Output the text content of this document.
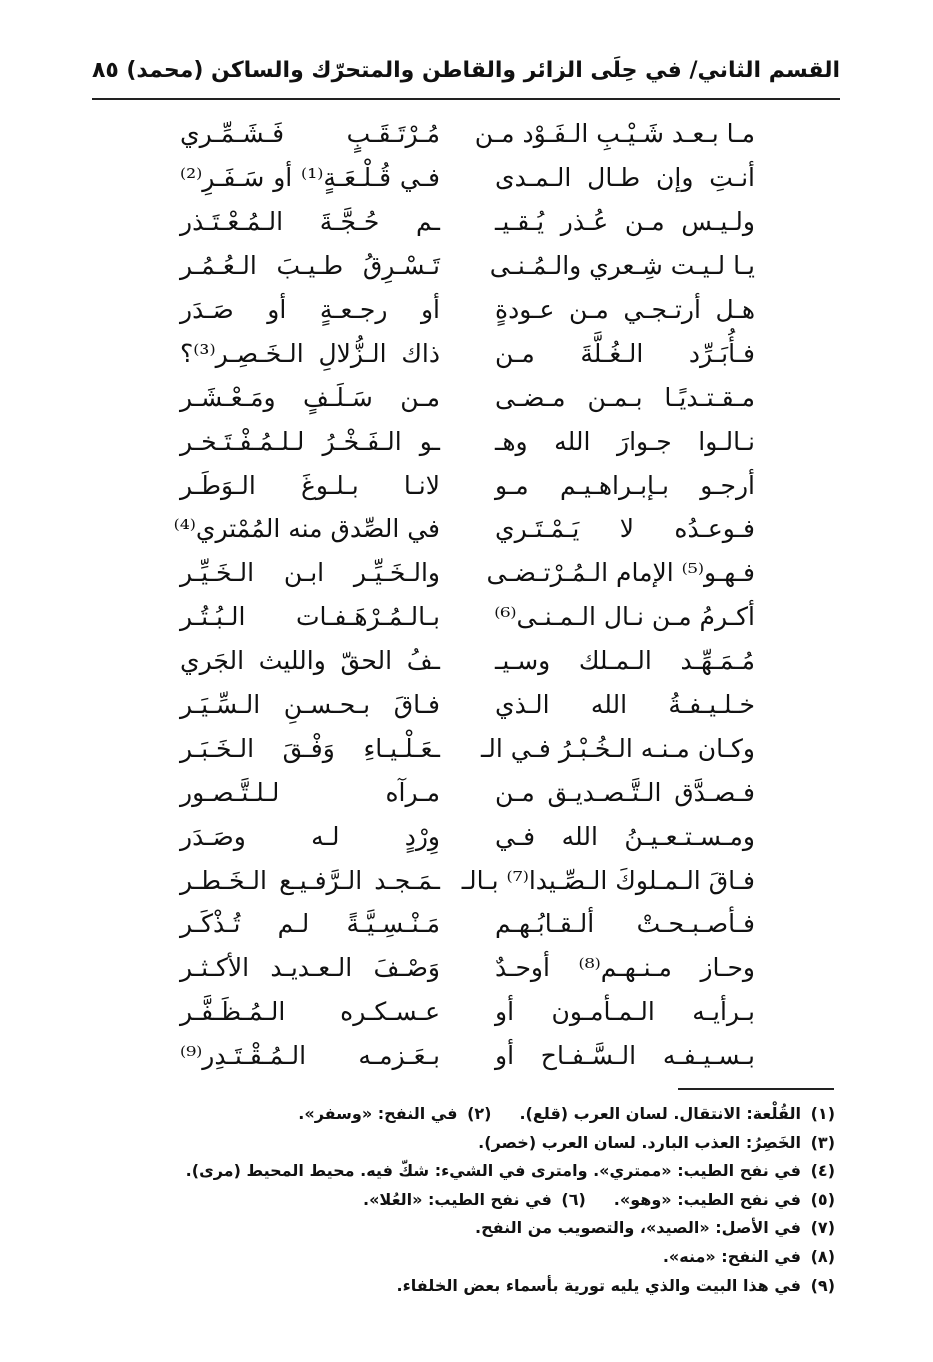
القسم الثاني/ في حِلَى الزائر والقاطن والمتحرّك والساكن (محمد)
٨٥
مـا بـعـد شَـيْـبِ الـفَـوْد مـن
مُـرْتَـقَـبٍ فَـشَـمِّـري
أنـتِ وإن طـال الـمـدى
فـي قُـلْـعَـةٍ⁽¹⁾ أو سَـفَـرِ⁽²⁾
ولـيـس مـن عُـذر يُـقـيـ
ـم حُـجَّـةَ الـمُـعْـتَـذر
يـا لـيـت شِـعري والـمُـنـى
تَـسْـرِقُ طـيـبَ الـعُـمُـر
هـل أرتـجـي مـن عـودةٍ
أو رجـعـةٍ أو صَـدَر
فـأُبَـرِّد الـغُـلَّةَ مـن
ذاك الـزُّلالِ الـخَـصِـر⁽³⁾؟
مـقـتـديًـا بـمـن مـضـى
مـن سَـلَـفٍ ومَـعْـشَـر
نـالـوا جـوارَ الله وهـ
ـو الـفَـخْـرُ لـلـمُـفْـتَـخـر
أرجـو بـإبـراهـيـم مـو
لانـا بـلـوغَ الـوَطَـر
فـوعـدُه لا يَـمْـتَـري
في الصِّدق منه المُمْتري⁽⁴⁾
فـهـو⁽⁵⁾ الإمام الـمُـرْتـضـى
والـخَـيِّـر ابـن الـخَـيِّـر
أكـرمُ مـن نـال الـمـنـى⁽⁶⁾
بـالـمُـرْهَـفـات الـبُـتُـر
مُـمَـهِّـد الـمـلك وسـيـ
ـفُ الحقّ والليث الجَري
خـلـيـفـةُ الله الـذي
فـاقَ بـحـسـنِ الـسِّـيَـر
وكـان مـنـه الـخُـبْـرُ فـي الـ
ـعَـلْـيـاءِ وَفْـقَ الـخَـبَـر
فـصـدَّق الـتَّـصـديـق مـن
مـرآه لـلـتَّـصـور
ومـسـتـعـيـنُ الله فـي
وِرْدٍ لـه وصَـدَر
فـاقَ الـمـلوكَ الـصِّـيدا⁽⁷⁾ بـالـ
ـمَـجـد الـرَّفـيـع الـخَـطـر
فـأصـبـحـتْ ألـقـابُـهـم
مَـنْـسِـيَّـةً لـم تُـذْكَـر
وحـاز مـنـهـم⁽⁸⁾ أوحـدٌ
وَصْـفَ الـعـديـد الأكـثـر
بـرأيـه الـمـأمـون أو
عـسـكـره الـمُـظَـفَّـر
بـسـيـفـه الـسَّـفـاح أو
بـعَـزمـه الـمُـقْـتَـدِر⁽⁹⁾
(١)القُلْعة: الانتقال. لسان العرب (قلع).(٢)في النفح: «وسفر».
(٣)الخَصِرُ: العذب البارد. لسان العرب (خصر).
(٤)في نفح الطيب: «ممتري». وامترى في الشيء: شكّ فيه. محيط المحيط (مرى).
(٥)في نفح الطيب: «وهو».(٦)في نفح الطيب: «العُلا».
(٧)في الأصل: «الصيد»، والتصويب من النفح.
(٨)في النفح: «منه».
(٩)في هذا البيت والذي يليه تورية بأسماء بعض الخلفاء.
